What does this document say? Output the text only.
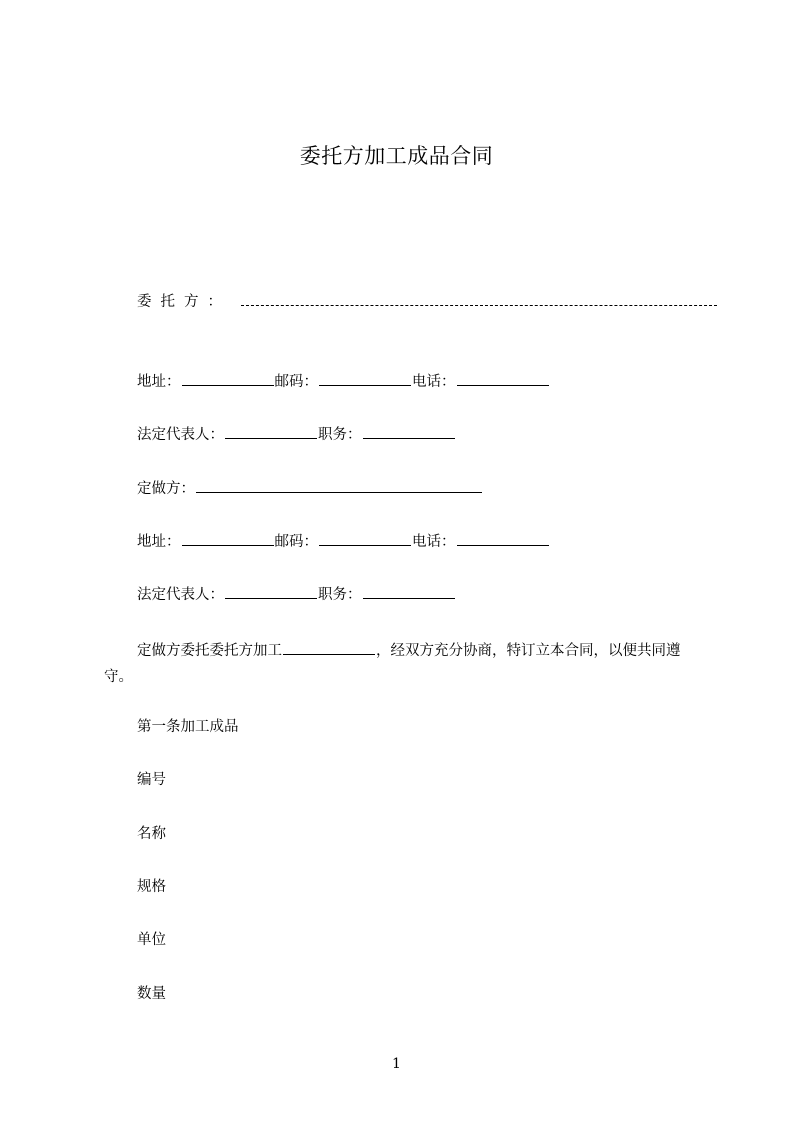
委托方加工成品合同
委托方：
地址：	邮码：	电话：
法定代表人：	职务：
定做方：
地址：	邮码：	电话：
法定代表人：	职务：
定做方委托委托方加工	，经双方充分协商，特订立本合同，以便共同遵守。
第一条加工成品
编号
名称
规格
单位
数量
1
